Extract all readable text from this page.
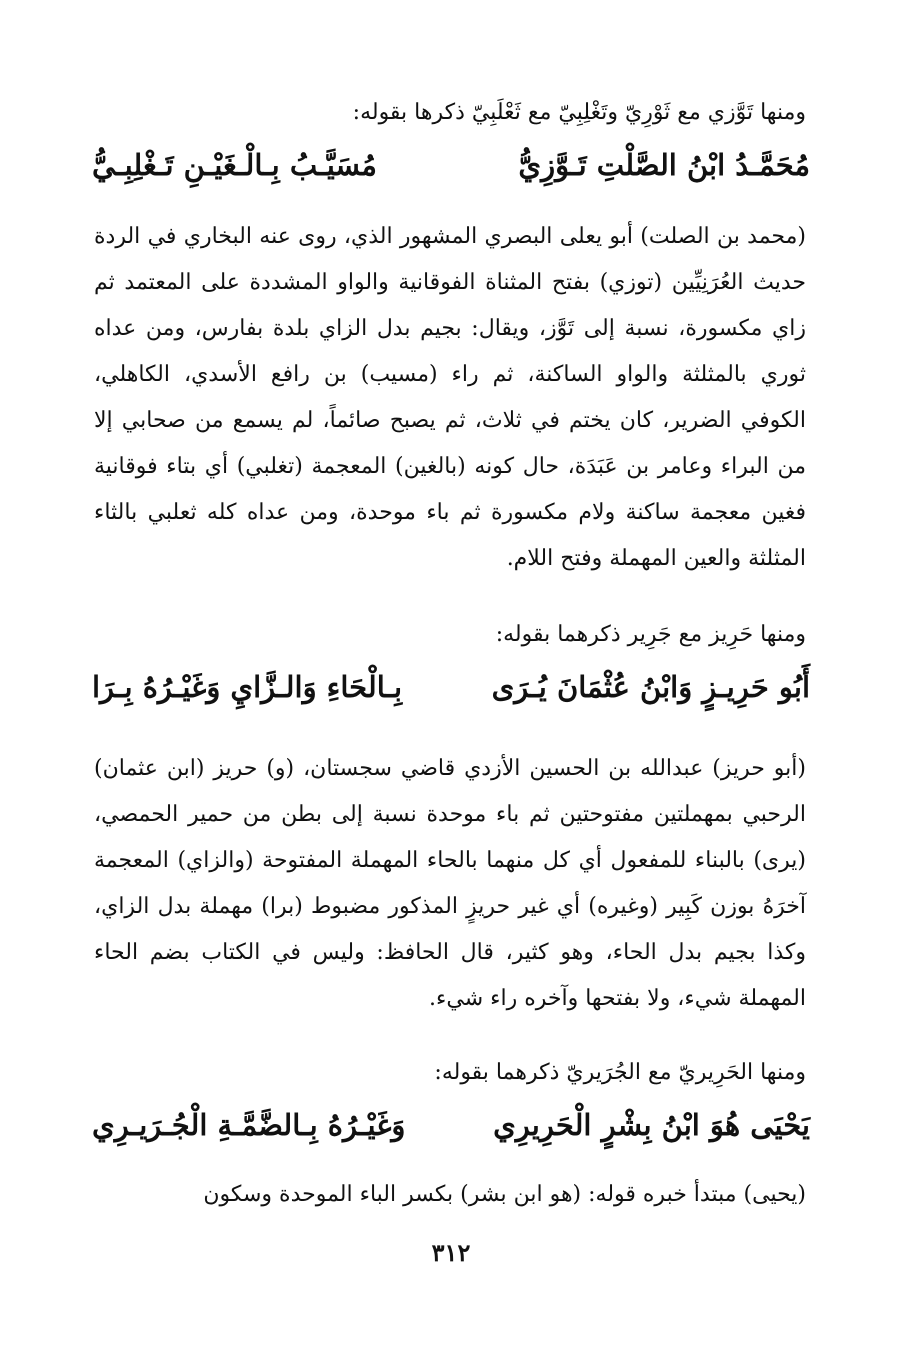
ومنها تَوَّزي مع ثَوْرِيّ وتَغْلِبِيّ مع ثَعْلَبِيّ ذكرها بقوله:
مُحَمَّـدُ ابْنُ الصَّلْتِ تَـوَّزِيُّ
مُسَيَّـبُ بِـالْـغَيْـنِ تَـغْلِبِـيُّ
(محمد بن الصلت) أبو يعلى البصري المشهور الذي، روى عنه البخاري في الردة حديث العُرَنِيِّين (توزي) بفتح المثناة الفوقانية والواو المشددة على المعتمد ثم زاي مكسورة، نسبة إلى تَوَّز، ويقال: بجيم بدل الزاي بلدة بفارس، ومن عداه ثوري بالمثلثة والواو الساكنة، ثم راء (مسيب) بن رافع الأسدي، الكاهلي، الكوفي الضرير، كان يختم في ثلاث، ثم يصبح صائماً، لم يسمع من صحابي إلا من البراء وعامر بن عَبَدَة، حال كونه (بالغين) المعجمة (تغلبي) أي بتاء فوقانية فغين معجمة ساكنة ولام مكسورة ثم باء موحدة، ومن عداه كله ثعلبي بالثاء المثلثة والعين المهملة وفتح اللام.
ومنها حَرِيز مع جَرِير ذكرهما بقوله:
أَبُو حَرِيـزٍ وَابْنُ عُثْمَانَ يُـرَى
بِـالْحَاءِ وَالـزَّايِ وَغَيْـرُهُ بِـرَا
(أبو حريز) عبدالله بن الحسين الأزدي قاضي سجستان، (و) حريز (ابن عثمان) الرحبي بمهملتين مفتوحتين ثم باء موحدة نسبة إلى بطن من حمير الحمصي، (يرى) بالبناء للمفعول أي كل منهما بالحاء المهملة المفتوحة (والزاي) المعجمة آخرَهُ بوزن كَبِير (وغيره) أي غير حريزٍ المذكور مضبوط (برا) مهملة بدل الزاي، وكذا بجيم بدل الحاء، وهو كثير، قال الحافظ: وليس في الكتاب بضم الحاء المهملة شيء، ولا بفتحها وآخره راء شيء.
ومنها الحَرِيريّ مع الجُرَيريّ ذكرهما بقوله:
يَحْيَى هُوَ ابْنُ بِشْرٍ الْحَرِيرِي
وَغَيْـرُهُ بِـالضَّمَّـةِ الْجُـرَيـرِي
(يحيى) مبتدأ خبره قوله: (هو ابن بشر) بكسر الباء الموحدة وسكون
٣١٢
